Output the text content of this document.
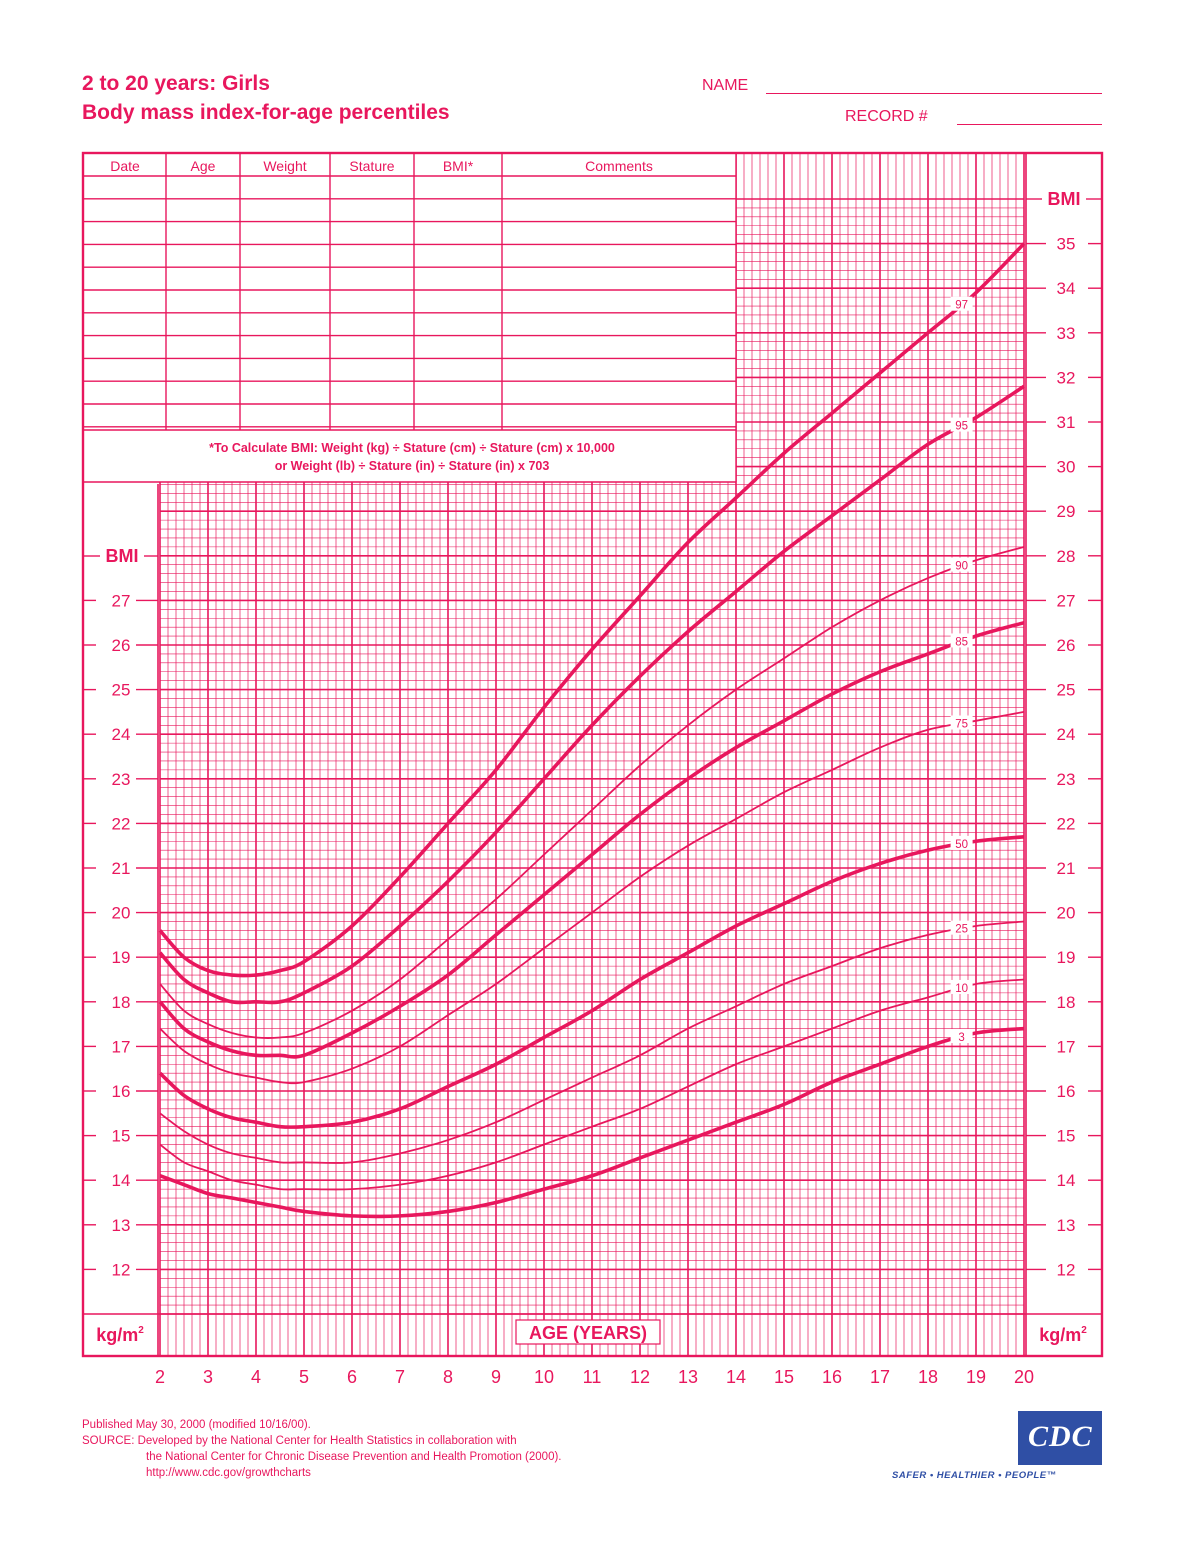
2 to 20 years: Girls
Body mass index-for-age percentiles
NAME
RECORD #
Date	Age	Weight	Stature	BMI*	Comments
*To Calculate BMI: Weight (kg) ÷ Stature (cm) ÷ Stature (cm) x 10,000
or Weight (lb) ÷ Stature (in) ÷ Stature (in) x 703
97
95
90
85
75
50
25
10
3
12
13
14
15
16
17
18
19
20
21
22
23
24
25
26
27
12
13
14
15
16
17
18
19
20
21
22
23
24
25
26
27
28
29
30
31
32
33
34
35
BMI
BMI
$kg/m^2$	$kg/m^2$
AGE (YEARS)
2 3 4 5 6 7 8 9 10 11 12 13 14 15 16 17 18 19 20
Published May 30, 2000 (modified 10/16/00).
SOURCE: Developed by the National Center for Health Statistics in collaboration with
the National Center for Chronic Disease Prevention and Health Promotion (2000).
http://www.cdc.gov/growthcharts
CDC
SAFER • HEALTHIER • PEOPLE™
